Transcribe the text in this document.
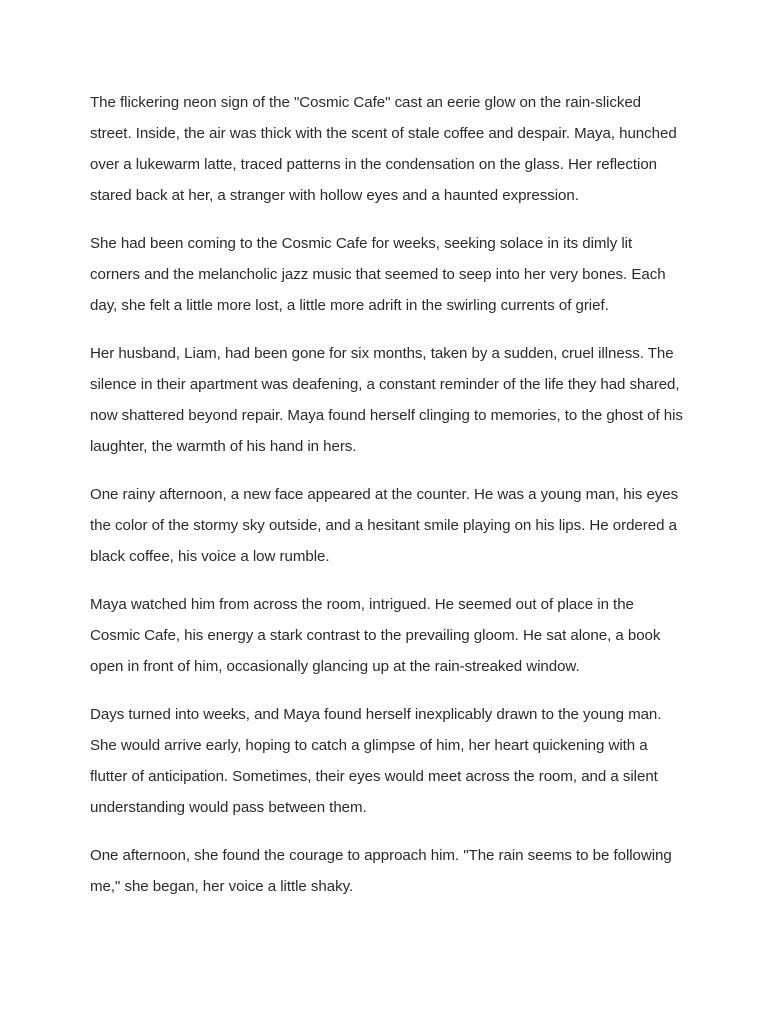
The flickering neon sign of the "Cosmic Cafe" cast an eerie glow on the rain-slicked street. Inside, the air was thick with the scent of stale coffee and despair. Maya, hunched over a lukewarm latte, traced patterns in the condensation on the glass. Her reflection stared back at her, a stranger with hollow eyes and a haunted expression.

She had been coming to the Cosmic Cafe for weeks, seeking solace in its dimly lit corners and the melancholic jazz music that seemed to seep into her very bones. Each day, she felt a little more lost, a little more adrift in the swirling currents of grief.

Her husband, Liam, had been gone for six months, taken by a sudden, cruel illness. The silence in their apartment was deafening, a constant reminder of the life they had shared, now shattered beyond repair. Maya found herself clinging to memories, to the ghost of his laughter, the warmth of his hand in hers.

One rainy afternoon, a new face appeared at the counter. He was a young man, his eyes the color of the stormy sky outside, and a hesitant smile playing on his lips. He ordered a black coffee, his voice a low rumble.

Maya watched him from across the room, intrigued. He seemed out of place in the Cosmic Cafe, his energy a stark contrast to the prevailing gloom. He sat alone, a book open in front of him, occasionally glancing up at the rain-streaked window.

Days turned into weeks, and Maya found herself inexplicably drawn to the young man. She would arrive early, hoping to catch a glimpse of him, her heart quickening with a flutter of anticipation. Sometimes, their eyes would meet across the room, and a silent understanding would pass between them.

One afternoon, she found the courage to approach him. "The rain seems to be following me," she began, her voice a little shaky.
